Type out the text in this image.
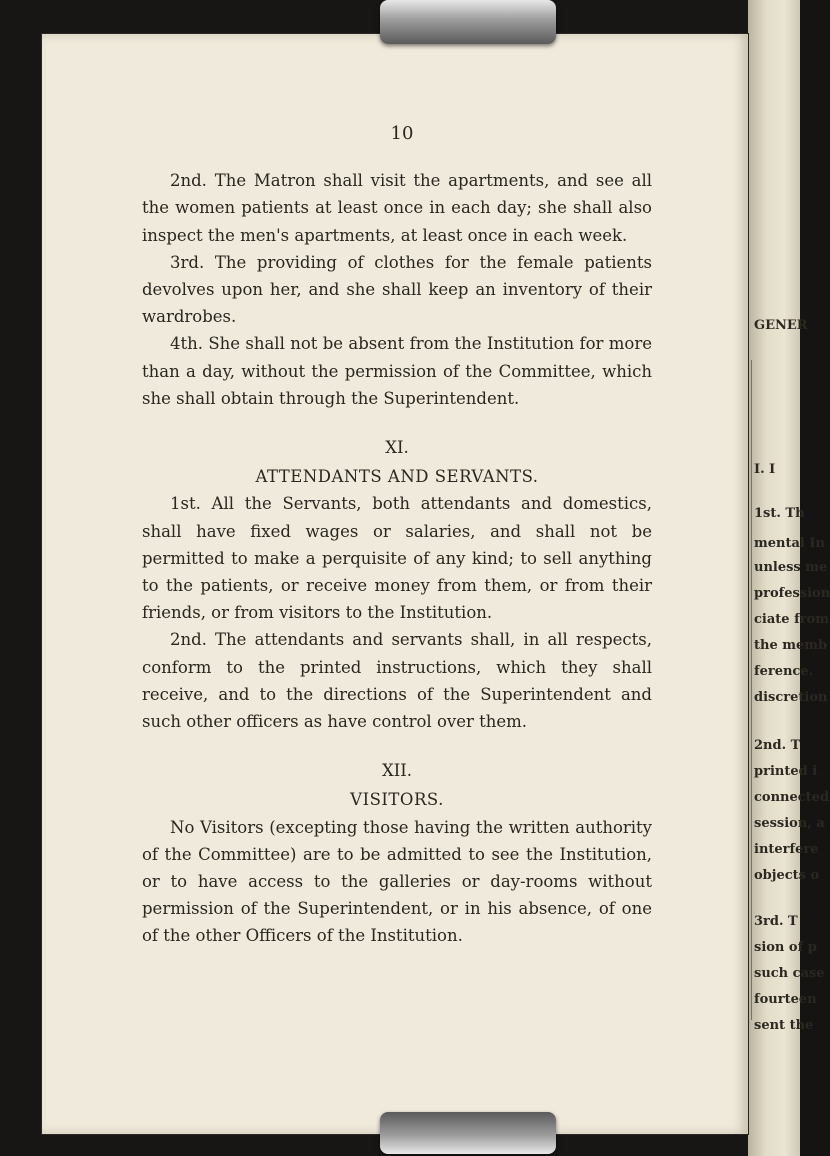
GENER
I. I
1st. Th
mental In
unless me
profession
ciate from
the memb
ference.
discretion
2nd. T
printed i
connected
session, a
interfere
objects o
3rd. T
sion of p
such case
fourteen
sent the

10

2nd. The Matron shall visit the apartments, and see all the women patients at least once in each day; she shall also inspect the men's apartments, at least once in each week.

3rd. The providing of clothes for the female patients devolves upon her, and she shall keep an inventory of their wardrobes.

4th. She shall not be absent from the Institution for more than a day, without the permission of the Committee, which she shall obtain through the Superintendent.

XI.

ATTENDANTS AND SERVANTS.

1st. All the Servants, both attendants and domestics, shall have fixed wages or salaries, and shall not be permitted to make a perquisite of any kind; to sell anything to the patients, or receive money from them, or from their friends, or from visitors to the Institution.

2nd. The attendants and servants shall, in all respects, conform to the printed instructions, which they shall receive, and to the directions of the Superintendent and such other officers as have control over them.

XII.

VISITORS.

No Visitors (excepting those having the written authority of the Committee) are to be admitted to see the Institution, or to have access to the galleries or day-rooms without permission of the Superintendent, or in his absence, of one of the other Officers of the Institution.
